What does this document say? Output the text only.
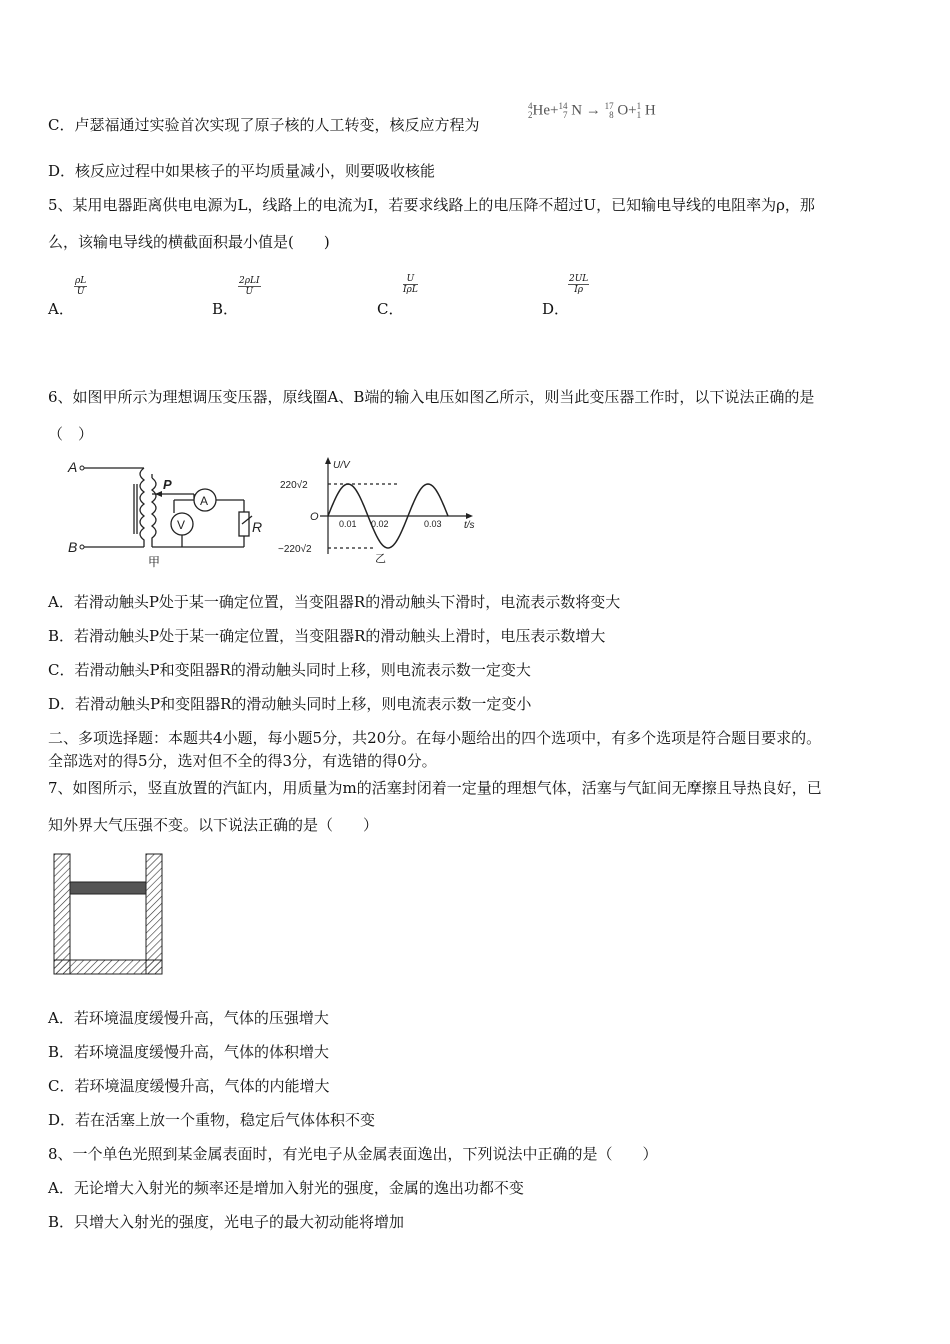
C．卢瑟福通过实验首次实现了原子核的人工转变，核反应方程为
4
2He+14
7 N → 17
8 O+1
1 H
D．核反应过程中如果核子的平均质量减小，则要吸收核能
5、某用电器距离供电电源为L，线路上的电流为I，若要求线路上的电压降不超过U，已知输电导线的电阻率为ρ，那
么，该输电导线的横截面积最小值是(　　)
A．
$\frac{\rho L}{U}$
B．
2ρLI
U
C．
U
IρL
D．
$\frac{2UL}{I\rho}$
6、如图甲所示为理想调压变压器，原线圈A、B端的输入电压如图乙所示，则当此变压器工作时，以下说法正确的是
（　）
A
B
P
A
V	R
甲
U/V
t/s
O
220√2
−220√2
0.01 0.02	0.03
乙
A．若滑动触头P处于某一确定位置，当变阻器R的滑动触头下滑时，电流表示数将变大
B．若滑动触头P处于某一确定位置，当变阻器R的滑动触头上滑时，电压表示数增大
C．若滑动触头P和变阻器R的滑动触头同时上移，则电流表示数一定变大
D．若滑动触头P和变阻器R的滑动触头同时上移，则电流表示数一定变小
二、多项选择题：本题共4小题，每小题5分，共20分。在每小题给出的四个选项中，有多个选项是符合题目要求的。
全部选对的得5分，选对但不全的得3分，有选错的得0分。
7、如图所示，竖直放置的汽缸内，用质量为m的活塞封闭着一定量的理想气体，活塞与气缸间无摩擦且导热良好，已
知外界大气压强不变。以下说法正确的是（　　）
A．若环境温度缓慢升高，气体的压强增大
B．若环境温度缓慢升高，气体的体积增大
C．若环境温度缓慢升高，气体的内能增大
D．若在活塞上放一个重物，稳定后气体体积不变
8、一个单色光照到某金属表面时，有光电子从金属表面逸出，下列说法中正确的是（　　）
A．无论增大入射光的频率还是增加入射光的强度，金属的逸出功都不变
B．只增大入射光的强度，光电子的最大初动能将增加
